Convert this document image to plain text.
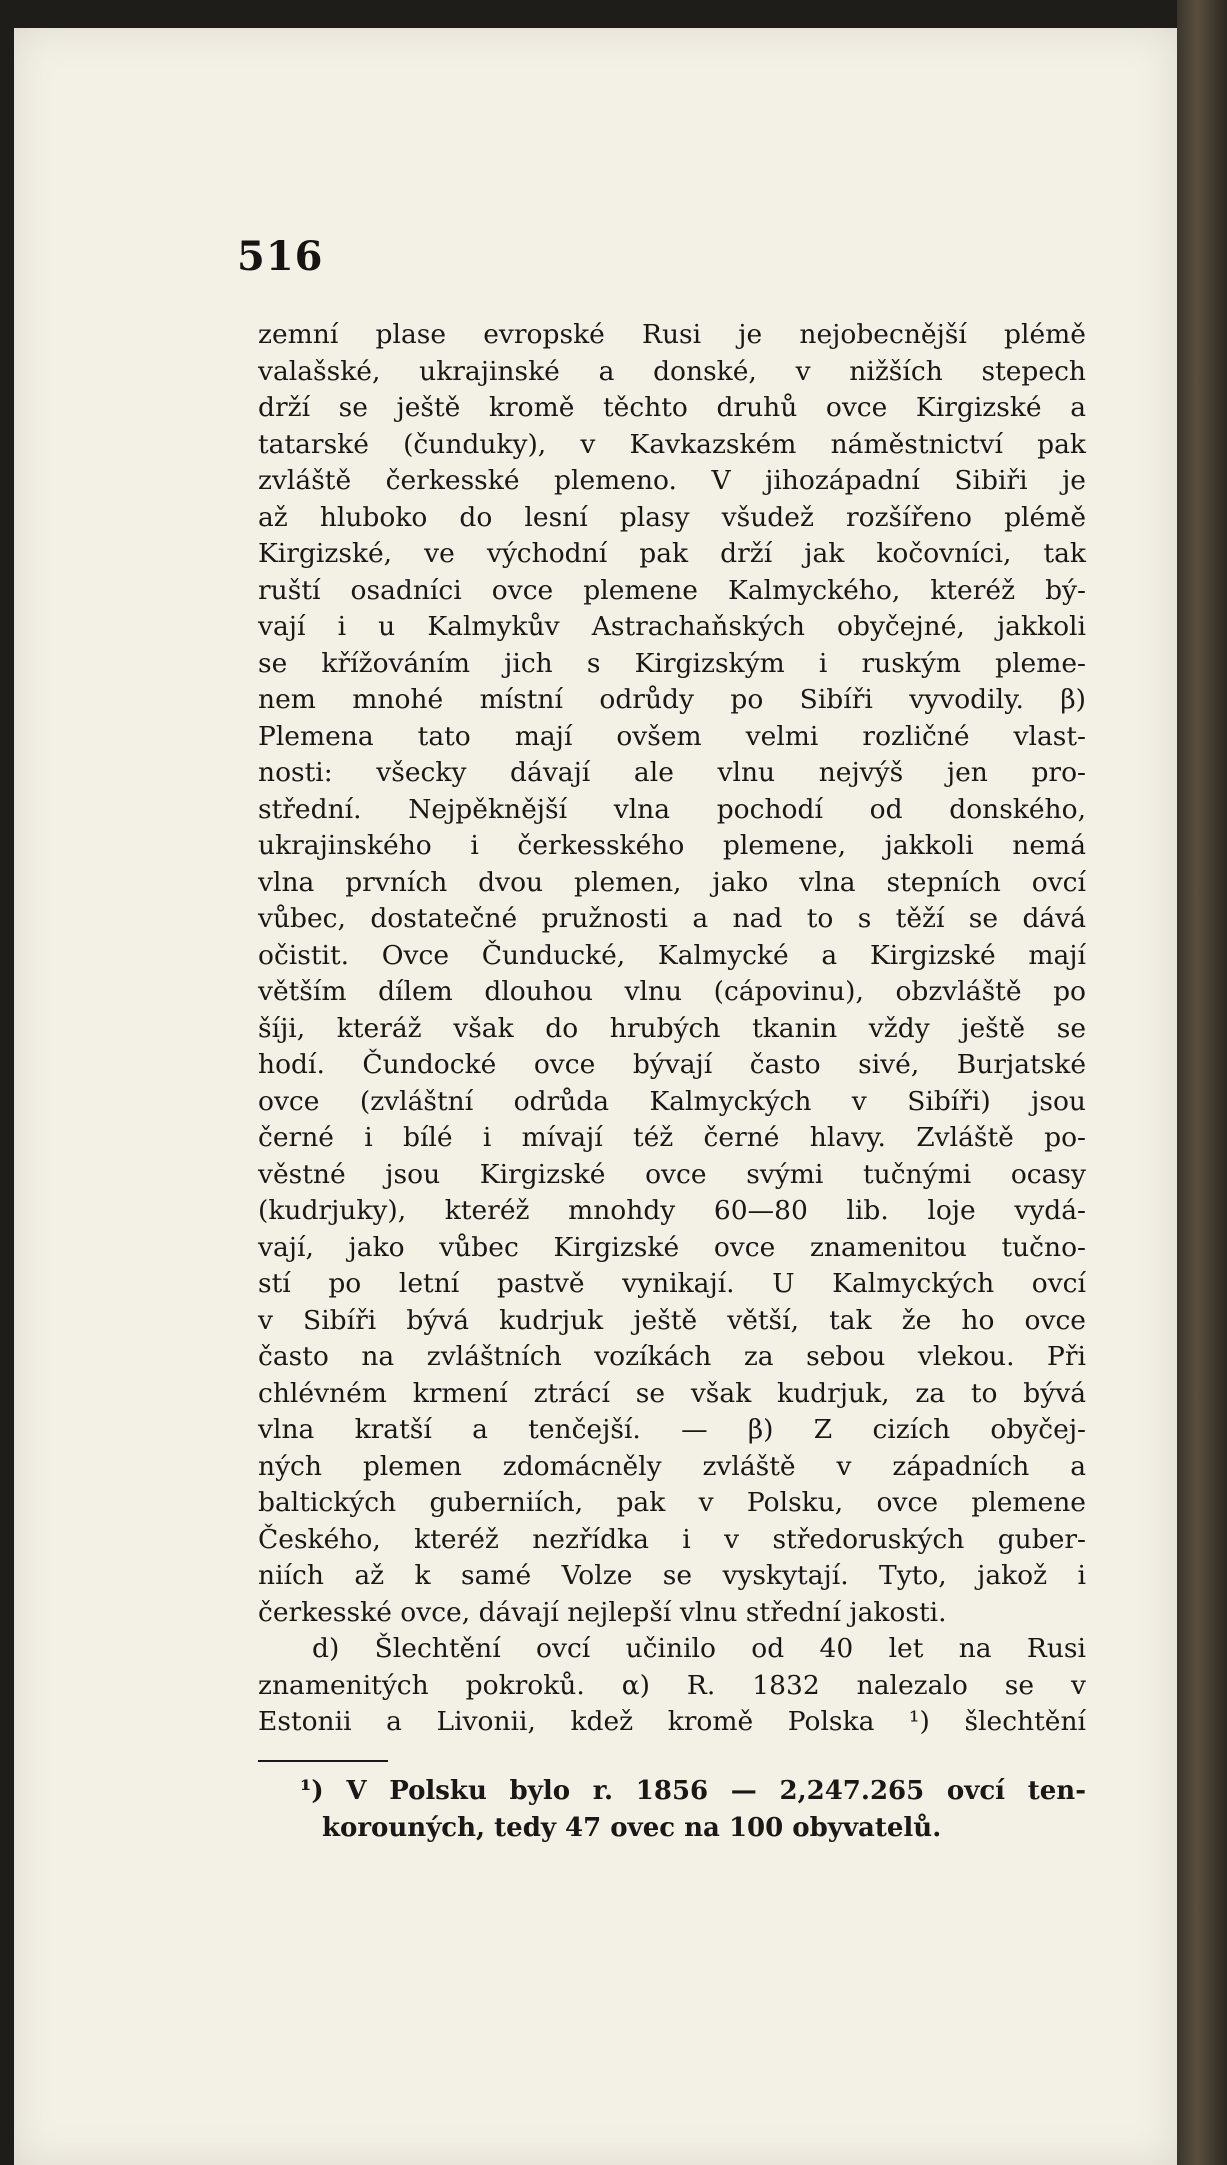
516
zemní plase evropské Rusi je nejobecnější plémě
valašské, ukrajinské a donské, v nižších stepech
drží se ještě kromě těchto druhů ovce Kirgizské a
tatarské (čunduky), v Kavkazském náměstnictví pak
zvláště čerkesské plemeno. V jihozápadní Sibiři je
až hluboko do lesní plasy všudež rozšířeno plémě
Kirgizské, ve východní pak drží jak kočovníci, tak
ruští osadníci ovce plemene Kalmyckého, kteréž bý-
vají i u Kalmykův Astrachaňských obyčejné, jakkoli
se křížováním jich s Kirgizským i ruským pleme-
nem mnohé místní odrůdy po Sibíři vyvodily. β)
Plemena tato mají ovšem velmi rozličné vlast-
nosti: všecky dávají ale vlnu nejvýš jen pro-
střední. Nejpěknější vlna pochodí od donského,
ukrajinského i čerkesského plemene, jakkoli nemá
vlna prvních dvou plemen, jako vlna stepních ovcí
vůbec, dostatečné pružnosti a nad to s těží se dává
očistit. Ovce Čunducké, Kalmycké a Kirgizské mají
větším dílem dlouhou vlnu (cápovinu), obzvláště po
šíji, kteráž však do hrubých tkanin vždy ještě se
hodí. Čundocké ovce bývají často sivé, Burjatské
ovce (zvláštní odrůda Kalmyckých v Sibíři) jsou
černé i bílé i mívají též černé hlavy. Zvláště po-
věstné jsou Kirgizské ovce svými tučnými ocasy
(kudrjuky), kteréž mnohdy 60—80 lib. loje vydá-
vají, jako vůbec Kirgizské ovce znamenitou tučno-
stí po letní pastvě vynikají. U Kalmyckých ovcí
v Sibíři bývá kudrjuk ještě větší, tak že ho ovce
často na zvláštních vozíkách za sebou vlekou. Při
chlévném krmení ztrácí se však kudrjuk, za to bývá
vlna kratší a tenčejší. — β) Z cizích obyčej-
ných plemen zdomácněly zvláště v západních a
baltických guberniích, pak v Polsku, ovce plemene
Českého, kteréž nezřídka i v středoruských guber-
niích až k samé Volze se vyskytají. Tyto, jakož i
čerkesské ovce, dávají nejlepší vlnu střední jakosti.
d) Šlechtění ovcí učinilo od 40 let na Rusi
znamenitých pokroků. α) R. 1832 nalezalo se v
Estonii a Livonii, kdež kromě Polska ¹) šlechtění
¹) V Polsku bylo r. 1856 — 2,247.265 ovcí ten-
korouných, tedy 47 ovec na 100 obyvatelů.
